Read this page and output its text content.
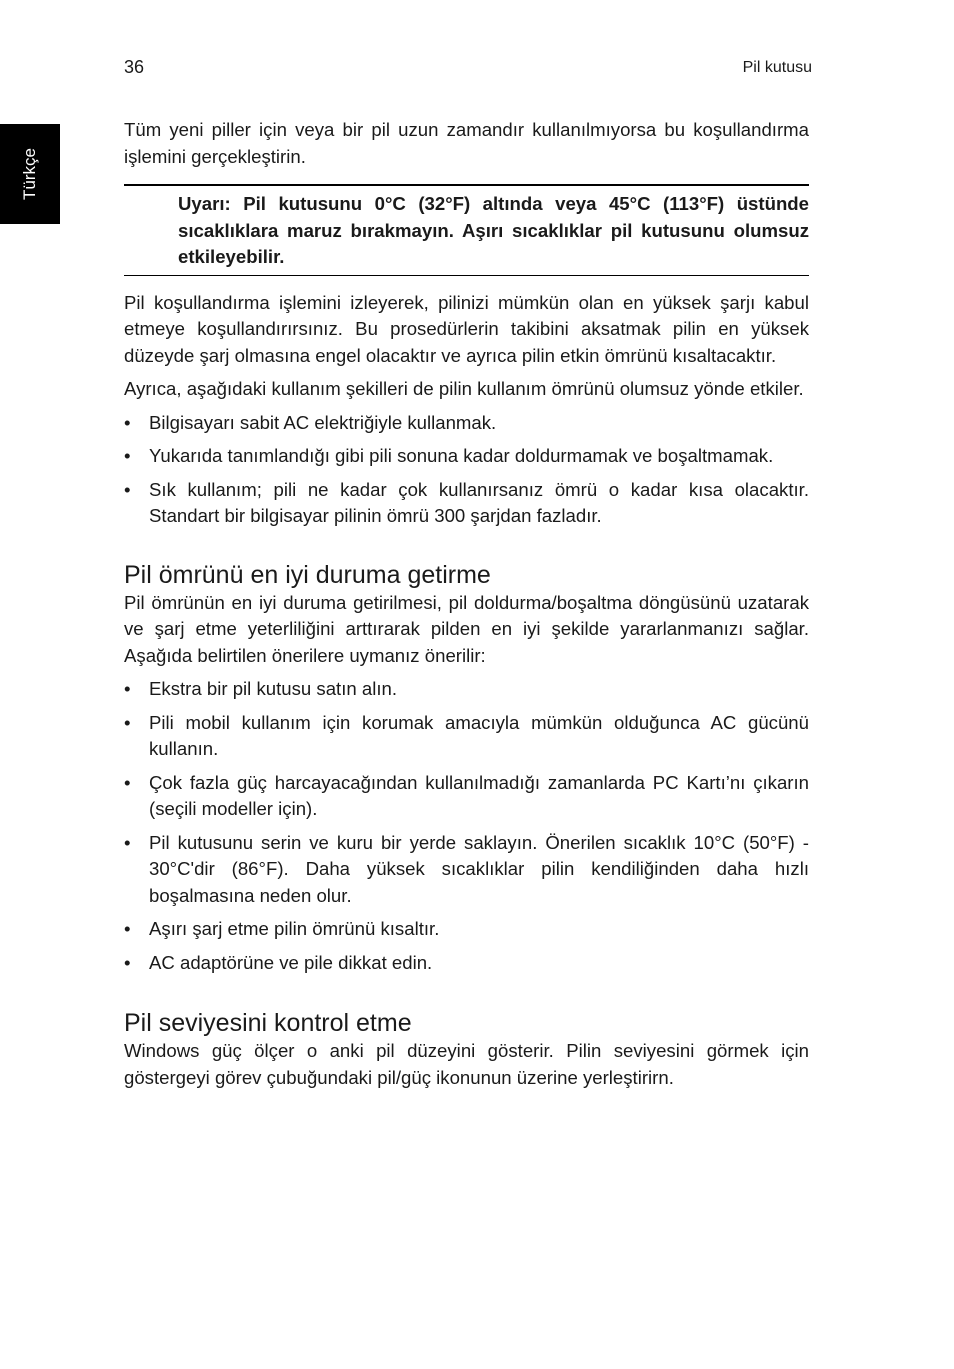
36	Pil kutusu
Türkçe

Tüm yeni piller için veya bir pil uzun zamandır kullanılmıyorsa bu koşullandırma işlemini gerçekleştirin.

Uyarı: Pil kutusunu 0°C (32°F) altında veya 45°C (113°F) üstünde sıcaklıklara maruz bırakmayın. Aşırı sıcaklıklar pil kutusunu olumsuz etkileyebilir.

Pil koşullandırma işlemini izleyerek, pilinizi mümkün olan en yüksek şarjı kabul etmeye koşullandırırsınız. Bu prosedürlerin takibini aksatmak pilin en yüksek düzeyde şarj olmasına engel olacaktır ve ayrıca pilin etkin ömrünü kısaltacaktır.

Ayrıca, aşağıdaki kullanım şekilleri de pilin kullanım ömrünü olumsuz yönde etkiler.

• Bilgisayarı sabit AC elektriğiyle kullanmak.

• Yukarıda tanımlandığı gibi pili sonuna kadar doldurmamak ve boşaltmamak.

• Sık kullanım; pili ne kadar çok kullanırsanız ömrü o kadar kısa olacaktır. Standart bir bilgisayar pilinin ömrü 300 şarjdan fazladır.

Pil ömrünü en iyi duruma getirme

Pil ömrünün en iyi duruma getirilmesi, pil doldurma/boşaltma döngüsünü uzatarak ve şarj etme yeterliliğini arttırarak pilden en iyi şekilde yararlanmanızı sağlar. Aşağıda belirtilen önerilere uymanız önerilir:

• Ekstra bir pil kutusu satın alın.

• Pili mobil kullanım için korumak amacıyla mümkün olduğunca AC gücünü kullanın.

• Çok fazla güç harcayacağından kullanılmadığı zamanlarda PC Kartı’nı çıkarın (seçili modeller için).

• Pil kutusunu serin ve kuru bir yerde saklayın. Önerilen sıcaklık 10°C (50°F) - 30°C'dir (86°F). Daha yüksek sıcaklıklar pilin kendiliğinden daha hızlı boşalmasına neden olur.

• Aşırı şarj etme pilin ömrünü kısaltır.

• AC adaptörüne ve pile dikkat edin.

Pil seviyesini kontrol etme

Windows güç ölçer o anki pil düzeyini gösterir. Pilin seviyesini görmek için göstergeyi görev çubuğundaki pil/güç ikonunun üzerine yerleştirirn.
